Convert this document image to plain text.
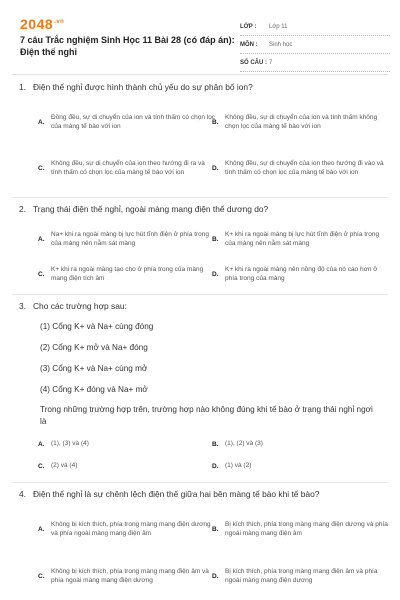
$2048^{.vn}$
7 câu Trắc nghiệm Sinh Học 11 Bài 28 (có đáp án): Điện thế nghỉ
LỚP :	Lớp 11
MÔN :	Sinh học
SỐ CÂU : 7
1. Điện thế nghỉ được hình thành chủ yếu do sự phân bố ion?
A.
Đồng đều, sự di chuyển của ion và tính thấm có chọn lọc của màng tế bào với ion
B.
Không đều, sự di chuyển của ion và tính thấm không chọn lọc của màng tế bào với ion
C.
Không đều, sự di chuyển của ion theo hướng đi ra và tính thấm có chọn lọc của màng tế bào với ion
D.
Không đều, sự di chuyển của ion theo hướng đi vào và tính thấm có chọn lọc của màng tế bào với ion
2. Trạng thái điện thế nghỉ, ngoài màng mang điện thế dương do?
A.
Na+ khi ra ngoài màng bị lực hút tĩnh điện ở phía trong của màng nên nằm sát màng
B.
K+ khi ra ngoài màng bị lực hút tĩnh điện ở phía trong của màng nên nằm sát màng
C.
K+ khi ra ngoài màng tạo cho ở phía trong của màng mang điện tích âm
D.
K+ khi ra ngoài màng nên nồng độ của nó cao hơn ở phía trong của màng
3. Cho các trường hợp sau:
(1) Cổng K+ và Na+ cùng đóng
(2) Cổng K+ mở và Na+ đóng
(3) Cổng K+ và Na+ cùng mở
(4) Cổng K+ đóng và Na+ mở
Trong những trường hợp trên, trường hợp nào không đúng khi tế bào ở trạng thái nghỉ ngơi là
A.	(1), (3) và (4)	B.	(1), (2) và (3)
C.	(2) và (4)	D.	(1) và (2)
4. Điện thế nghỉ là sự chênh lệch điện thế giữa hai bên màng tế bào khi tế bào?
A.
Không bị kích thích, phía trong màng mang điện dương và phía ngoài màng mang điện âm
B.
Bị kích thích, phía trong màng mang điện dương và phía ngoài màng mang điện âm
C.
Không bị kích thích, phía trong màng mang điện âm và phía ngoài màng mang điện dương
D.
Bị kích thích, phía trong màng mang điện âm và phía ngoài màng mang điện dương
